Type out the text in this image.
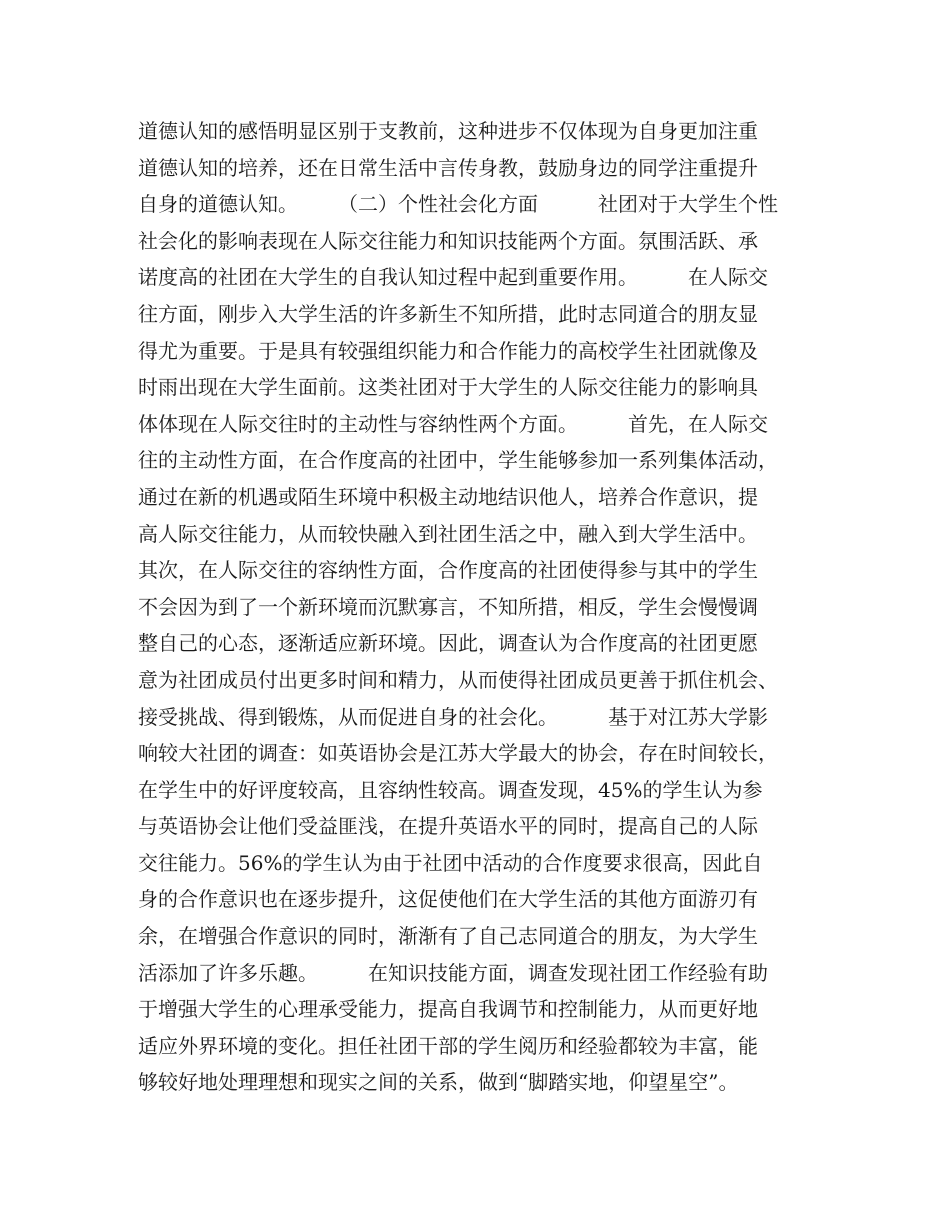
道德认知的感悟明显区别于支教前，这种进步不仅体现为自身更加注重
道德认知的培养，还在日常生活中言传身教，鼓励身边的同学注重提升
自身的道德认知。　　　（二）个性社会化方面　　　社团对于大学生个性
社会化的影响表现在人际交往能力和知识技能两个方面。氛围活跃、承
诺度高的社团在大学生的自我认知过程中起到重要作用。　　　在人际交
往方面，刚步入大学生活的许多新生不知所措，此时志同道合的朋友显
得尤为重要。于是具有较强组织能力和合作能力的高校学生社团就像及
时雨出现在大学生面前。这类社团对于大学生的人际交往能力的影响具
体体现在人际交往时的主动性与容纳性两个方面。　　　首先，在人际交
往的主动性方面，在合作度高的社团中，学生能够参加一系列集体活动，
通过在新的机遇或陌生环境中积极主动地结识他人，培养合作意识，提
高人际交往能力，从而较快融入到社团生活之中，融入到大学生活中。
其次，在人际交往的容纳性方面，合作度高的社团使得参与其中的学生
不会因为到了一个新环境而沉默寡言，不知所措，相反，学生会慢慢调
整自己的心态，逐渐适应新环境。因此，调查认为合作度高的社团更愿
意为社团成员付出更多时间和精力，从而使得社团成员更善于抓住机会、
接受挑战、得到锻炼，从而促进自身的社会化。　　　基于对江苏大学影
响较大社团的调查：如英语协会是江苏大学最大的协会，存在时间较长，
在学生中的好评度较高，且容纳性较高。调查发现，45%的学生认为参
与英语协会让他们受益匪浅，在提升英语水平的同时，提高自己的人际
交往能力。56%的学生认为由于社团中活动的合作度要求很高，因此自
身的合作意识也在逐步提升，这促使他们在大学生活的其他方面游刃有
余，在增强合作意识的同时，渐渐有了自己志同道合的朋友，为大学生
活添加了许多乐趣。　　　在知识技能方面，调查发现社团工作经验有助
于增强大学生的心理承受能力，提高自我调节和控制能力，从而更好地
适应外界环境的变化。担任社团干部的学生阅历和经验都较为丰富，能
够较好地处理理想和现实之间的关系，做到“脚踏实地，仰望星空”。
